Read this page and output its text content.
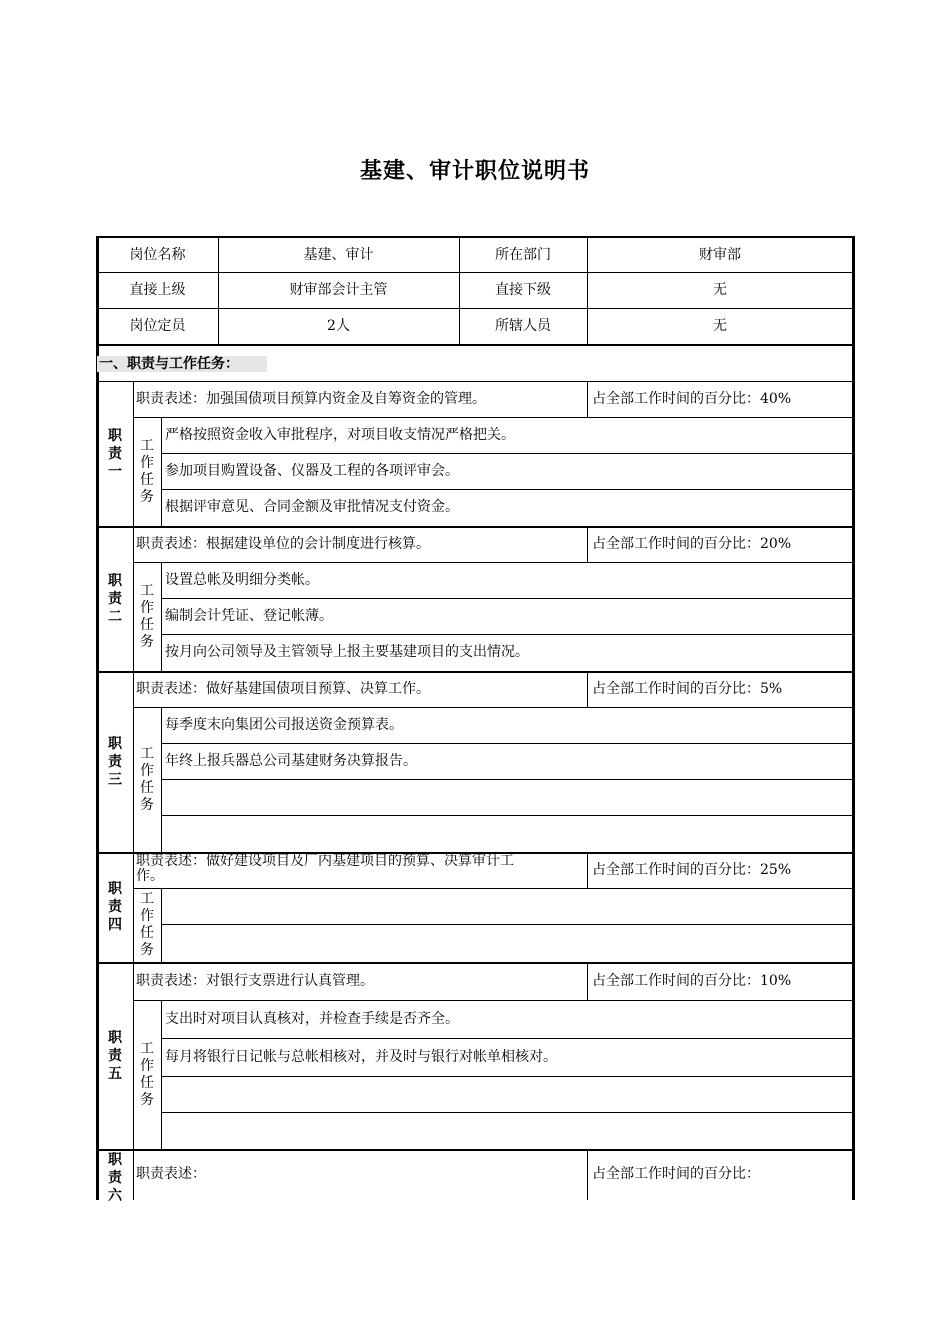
基建、审计职位说明书
岗位名称	基建、审计	所在部门	财审部
直接上级	财审部会计主管	直接下级	无
岗位定员	2人	所辖人员	无
一、职责与工作任务：
职
责
一
职责表述：加强国债项目预算内资金及自筹资金的管理。	占全部工作时间的百分比：40%
工
作
任
务
严格按照资金收入审批程序，对项目收支情况严格把关。
参加项目购置设备、仪器及工程的各项评审会。
根据评审意见、合同金额及审批情况支付资金。
职
责
二
职责表述：根据建设单位的会计制度进行核算。	占全部工作时间的百分比：20%
工
作
任
务
设置总帐及明细分类帐。
编制会计凭证、登记帐薄。
按月向公司领导及主管领导上报主要基建项目的支出情况。
职
责
三
职责表述：做好基建国债项目预算、决算工作。	占全部工作时间的百分比：5%
工
作
任
务
每季度末向集团公司报送资金预算表。
年终上报兵器总公司基建财务决算报告。
职
责
四
职责表述：做好建设项目及厂内基建项目的预算、决算审计工
作。	占全部工作时间的百分比：25%
工
作
任
务
职
责
五
职责表述：对银行支票进行认真管理。	占全部工作时间的百分比：10%
工
作
任
务
支出时对项目认真核对，并检查手续是否齐全。
每月将银行日记帐与总帐相核对，并及时与银行对帐单相核对。
职
责
六
职责表述：	占全部工作时间的百分比：
